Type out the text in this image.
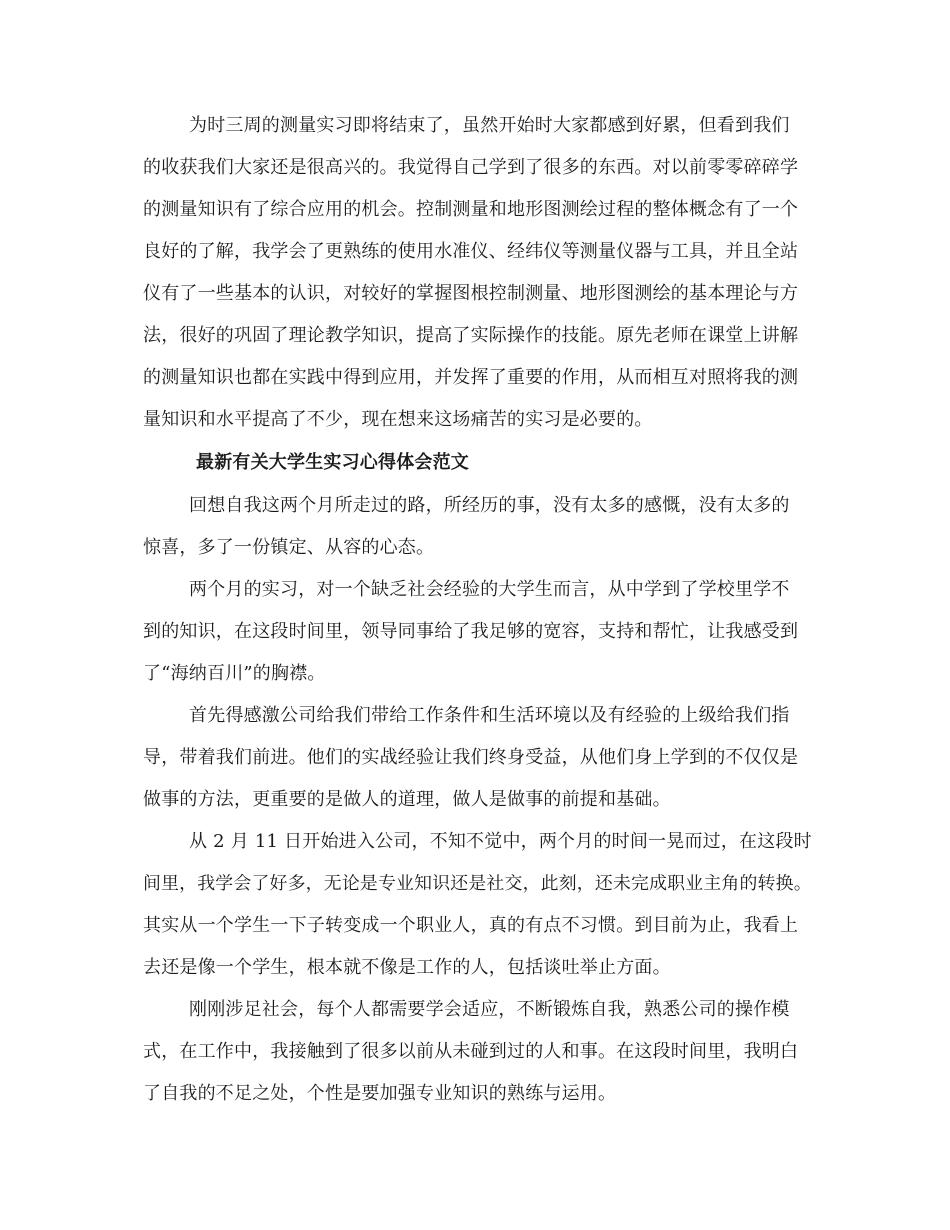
为时三周的测量实习即将结束了，虽然开始时大家都感到好累，但看到我们
的收获我们大家还是很高兴的。我觉得自己学到了很多的东西。对以前零零碎碎学
的测量知识有了综合应用的机会。控制测量和地形图测绘过程的整体概念有了一个
良好的了解，我学会了更熟练的使用水准仪、经纬仪等测量仪器与工具，并且全站
仪有了一些基本的认识，对较好的掌握图根控制测量、地形图测绘的基本理论与方
法，很好的巩固了理论教学知识，提高了实际操作的技能。原先老师在课堂上讲解
的测量知识也都在实践中得到应用，并发挥了重要的作用，从而相互对照将我的测
量知识和水平提高了不少，现在想来这场痛苦的实习是必要的。
最新有关大学生实习心得体会范文
回想自我这两个月所走过的路，所经历的事，没有太多的感慨，没有太多的
惊喜，多了一份镇定、从容的心态。
两个月的实习，对一个缺乏社会经验的大学生而言，从中学到了学校里学不
到的知识，在这段时间里，领导同事给了我足够的宽容，支持和帮忙，让我感受到
了“海纳百川”的胸襟。
首先得感激公司给我们带给工作条件和生活环境以及有经验的上级给我们指
导，带着我们前进。他们的实战经验让我们终身受益，从他们身上学到的不仅仅是
做事的方法，更重要的是做人的道理，做人是做事的前提和基础。
从 2 月 11 日开始进入公司，不知不觉中，两个月的时间一晃而过，在这段时
间里，我学会了好多，无论是专业知识还是社交，此刻，还未完成职业主角的转换。
其实从一个学生一下子转变成一个职业人，真的有点不习惯。到目前为止，我看上
去还是像一个学生，根本就不像是工作的人，包括谈吐举止方面。
刚刚涉足社会，每个人都需要学会适应，不断锻炼自我，熟悉公司的操作模
式，在工作中，我接触到了很多以前从未碰到过的人和事。在这段时间里，我明白
了自我的不足之处，个性是要加强专业知识的熟练与运用。
